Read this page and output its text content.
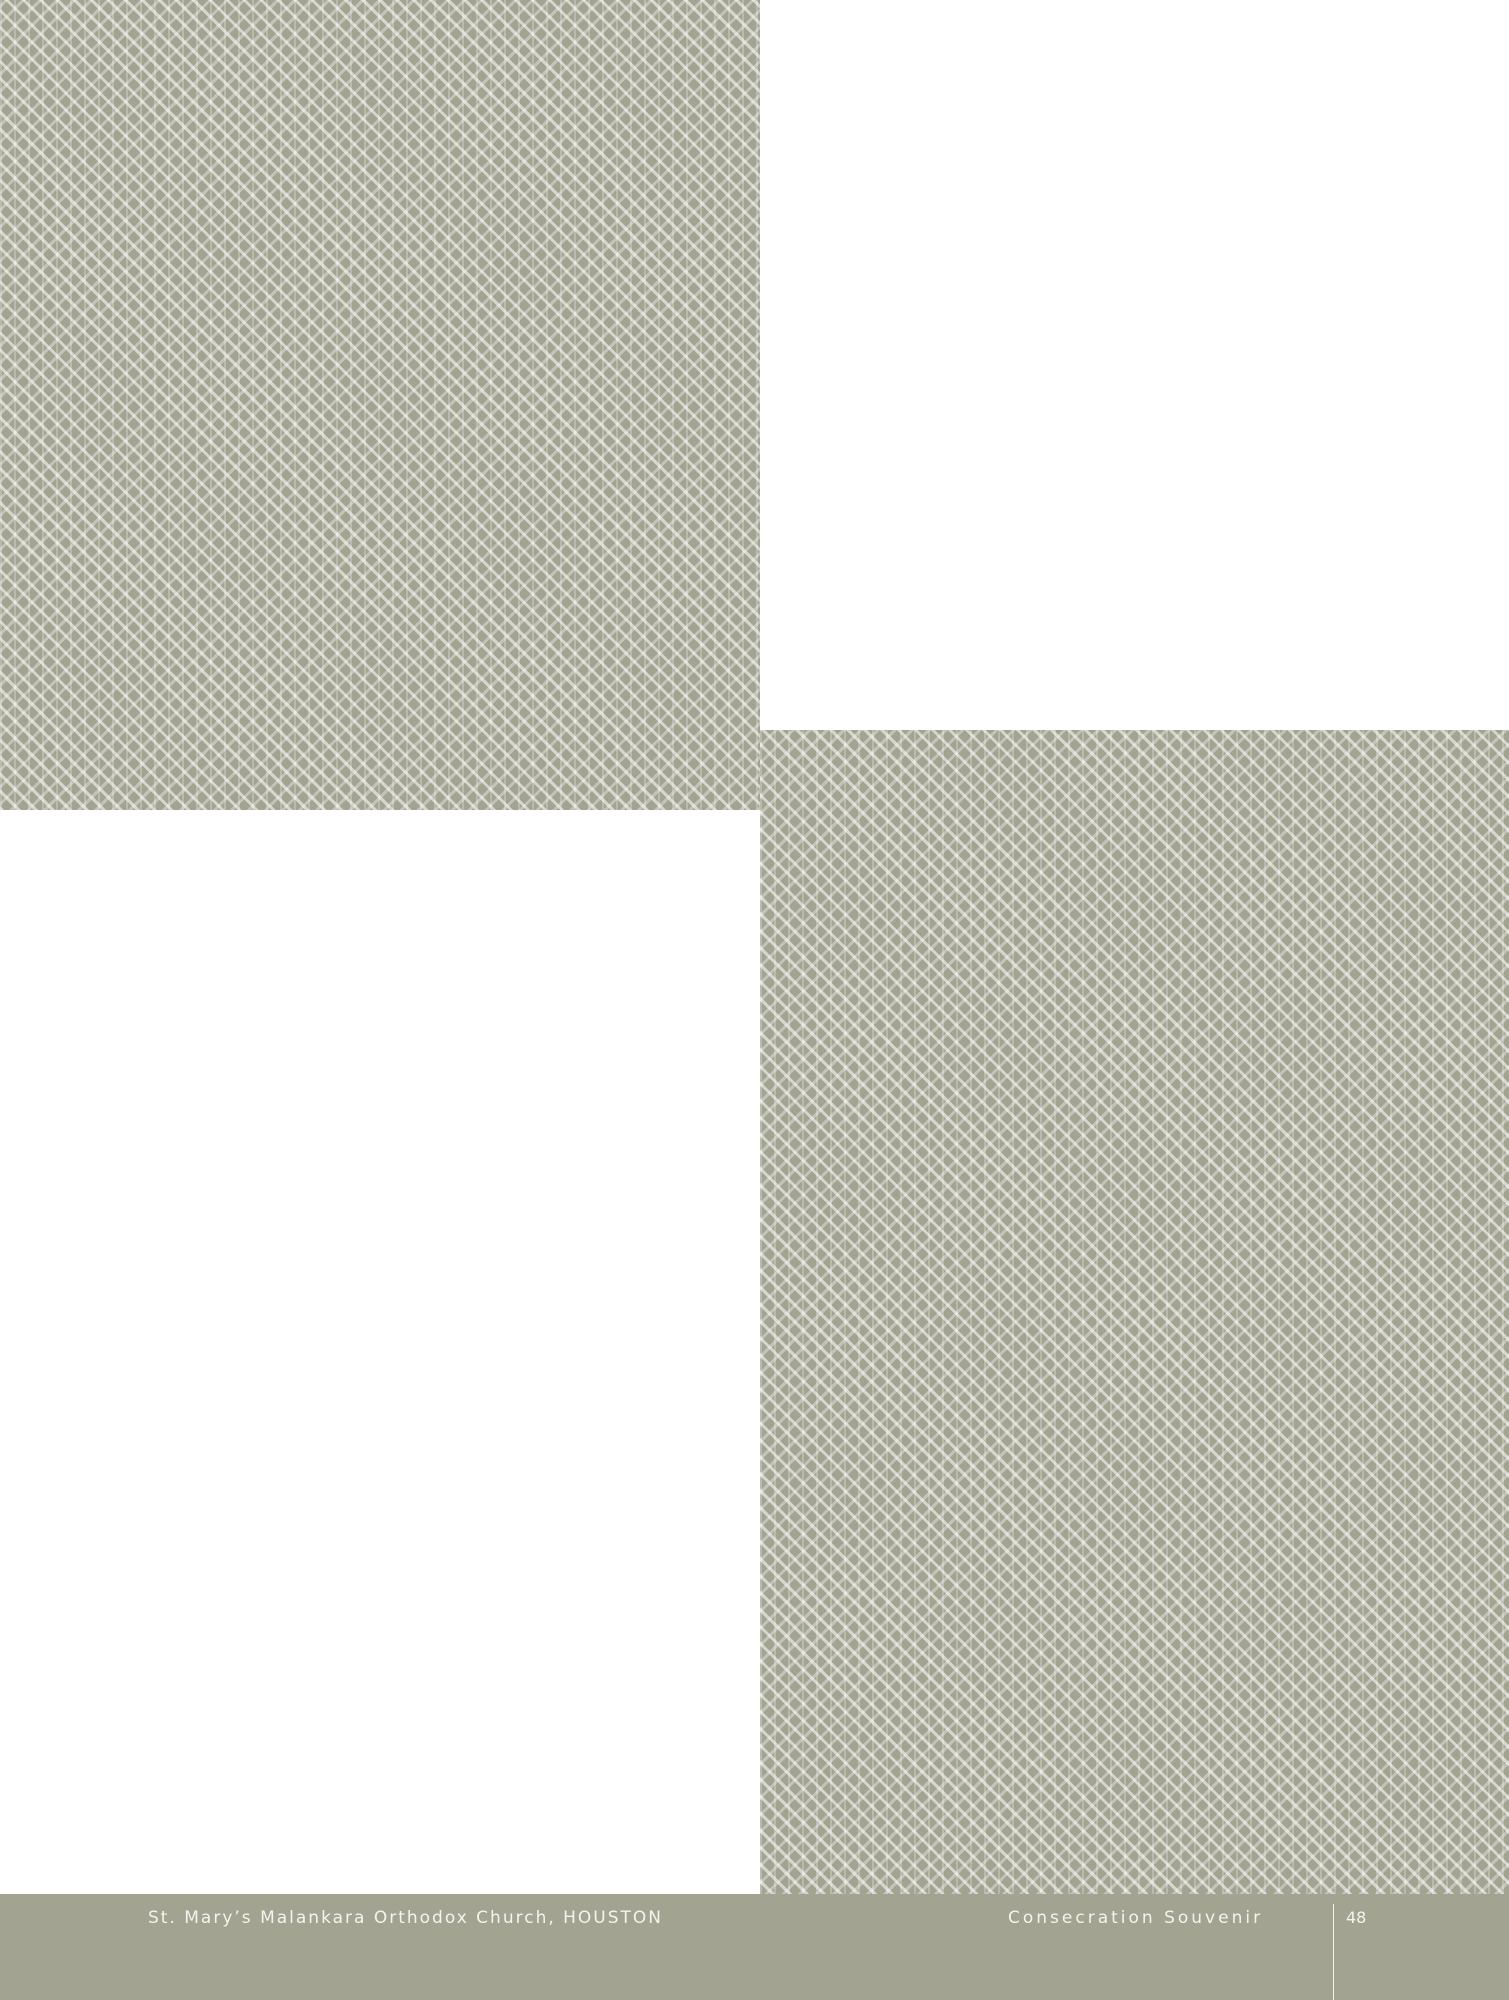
St. Mary’s Malankara Orthodox Church, HOUSTON	Consecration Souvenir	48
